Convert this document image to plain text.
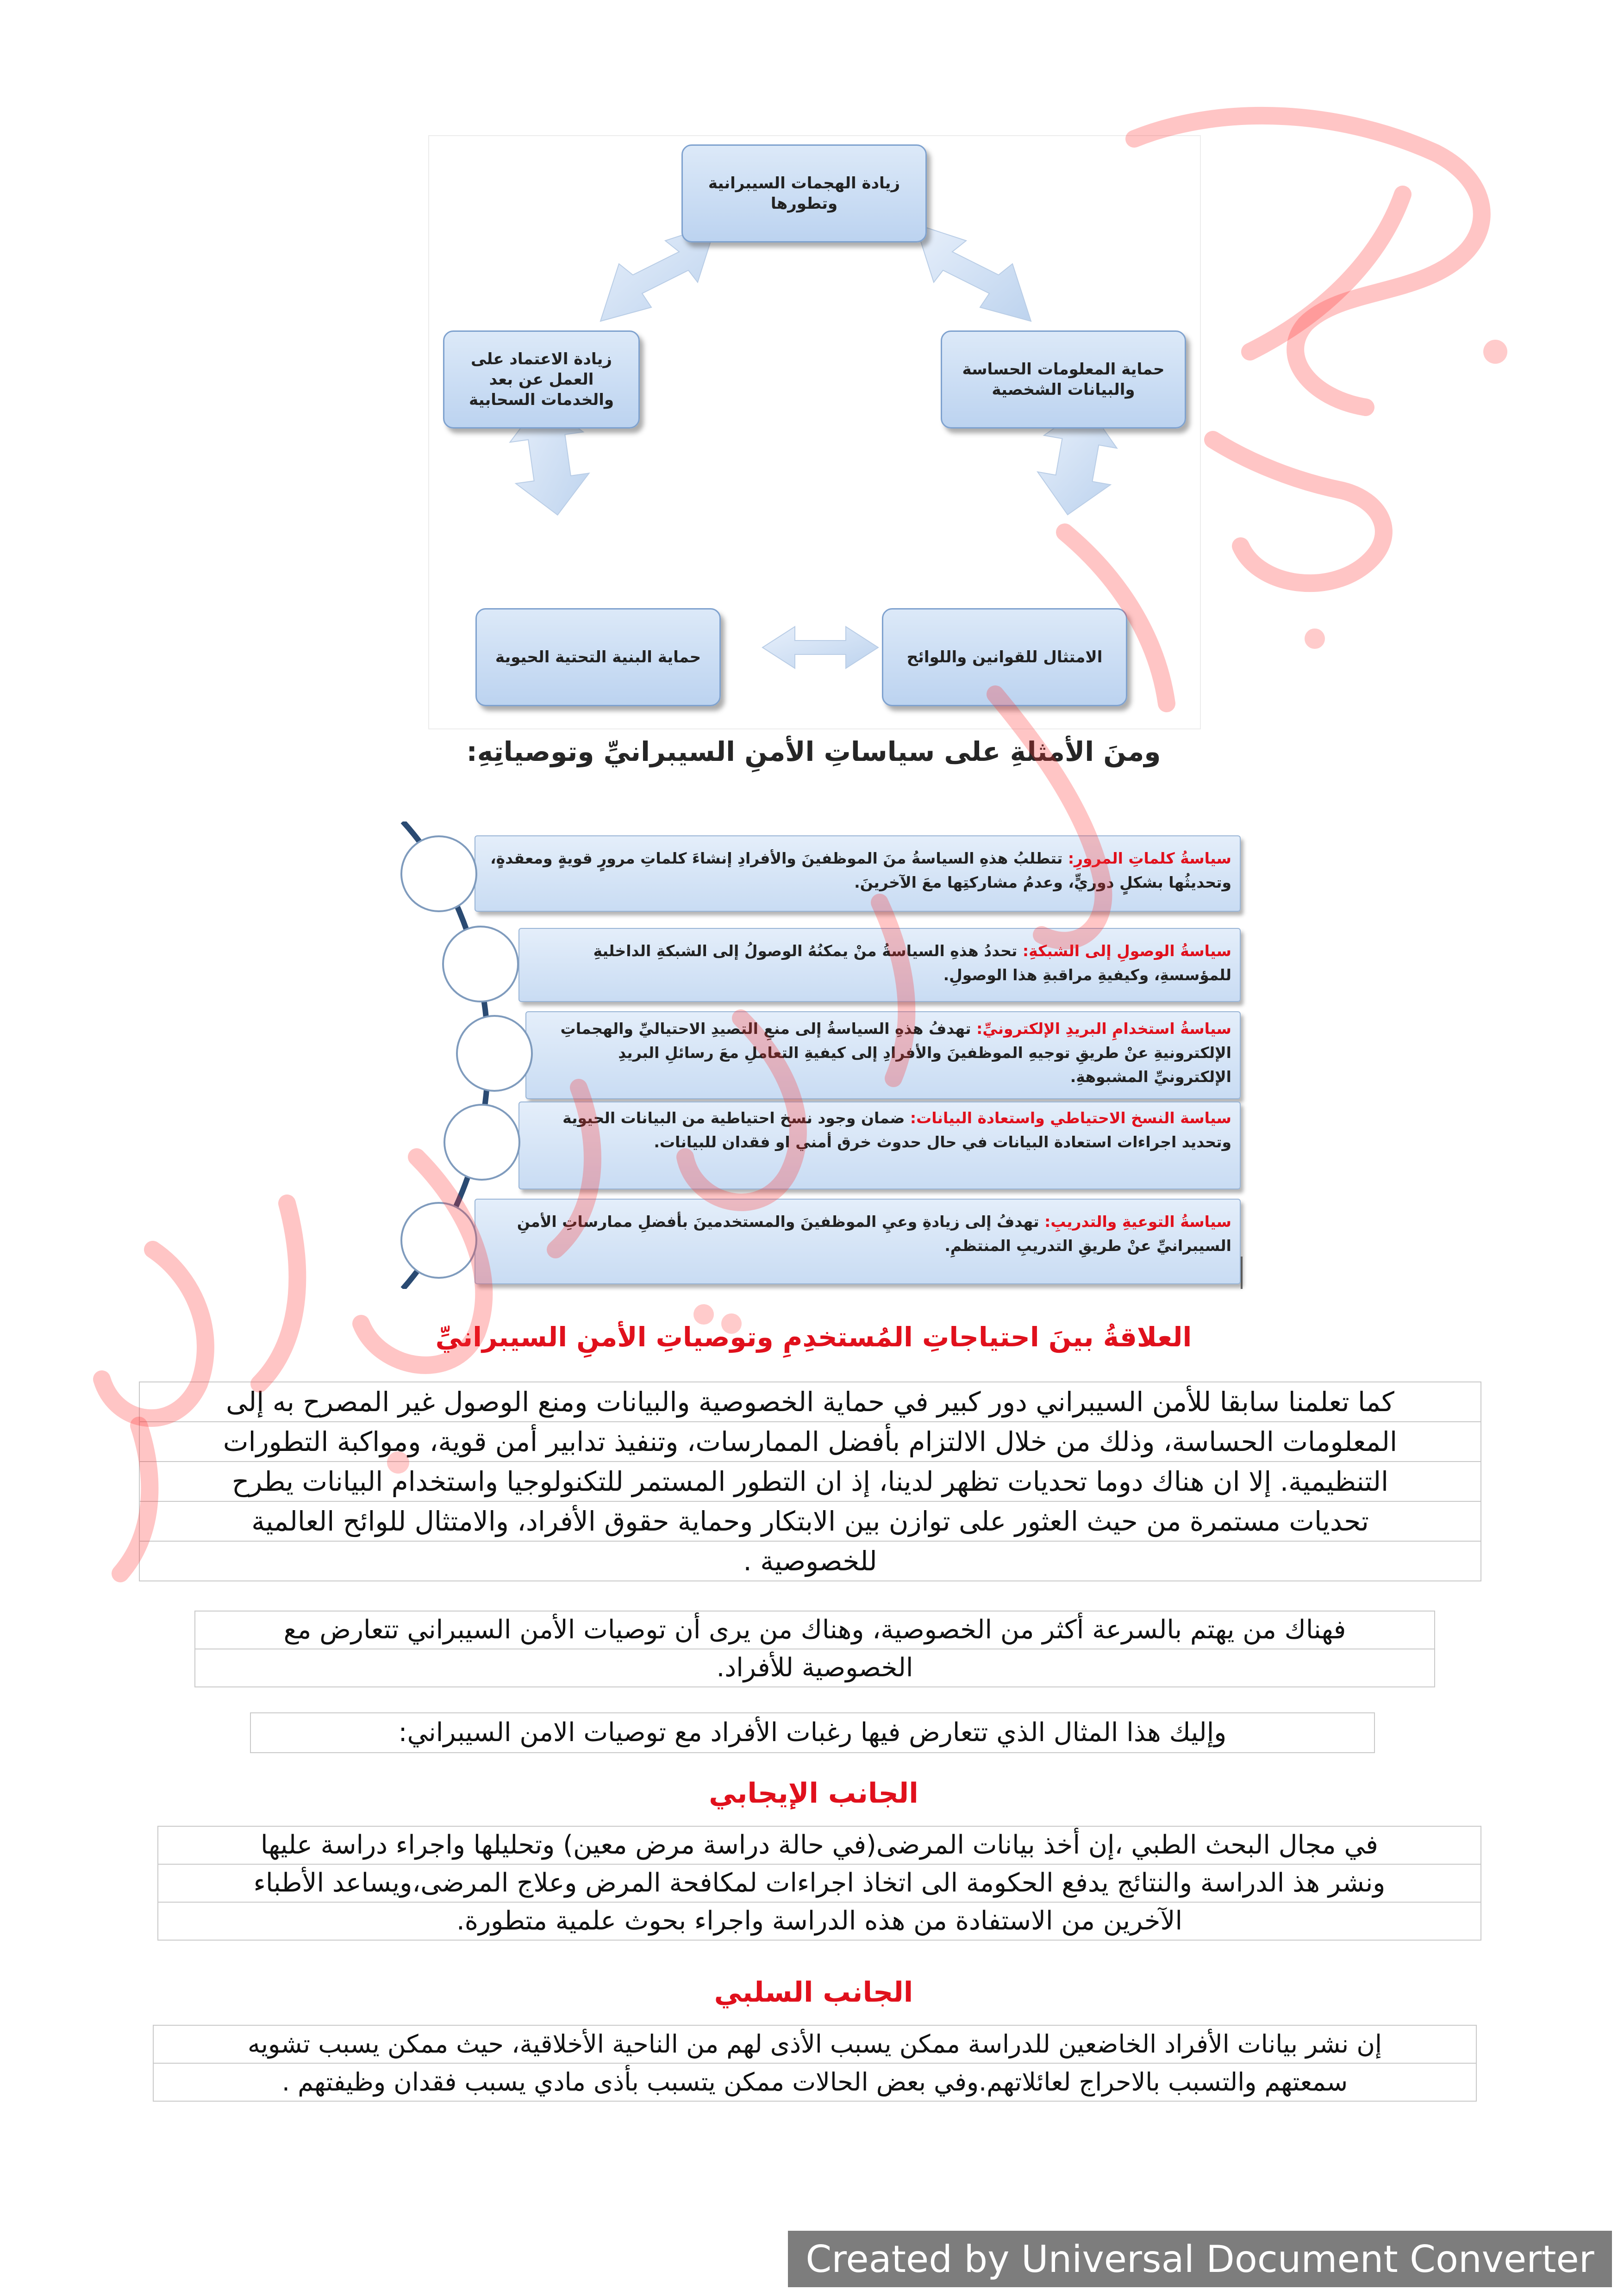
زيادة الهجمات السيبرانية وتطورها
حماية المعلومات الحساسة والبيانات الشخصية
زيادة الاعتماد على العمل عن بعد والخدمات السحابية
الامتثال للقوانين واللوائح
حماية البنية التحتية الحيوية
ومنَ الأمثلةِ على سياساتِ الأمنِ السيبرانيِّ وتوصياتِهِ:
سياسةُ كلماتِ المرورِ: تتطلبُ هذهِ السياسةُ منَ الموظفينَ والأفرادِ إنشاءَ كلماتِ مرورٍ قويةٍ ومعقدةٍ، وتحديثُها بشكلٍ دوريٍّ، وعدمُ مشاركتِها معَ الآخرينَ.
سياسةُ الوصولِ إلى الشبكةِ: تحددُ هذهِ السياسةُ منْ يمكنُهُ الوصولُ إلى الشبكةِ الداخليةِ للمؤسسةِ، وكيفيةِ مراقبةِ هذا الوصولِ.
سياسةُ استخدامِ البريدِ الإلكترونيِّ: تهدفُ هذهِ السياسةُ إلى منعِ التصيدِ الاحتياليِّ والهجماتِ الإلكترونيةِ عنْ طريقِ توجيهِ الموظفينَ والأفرادِ إلى كيفيةِ التعاملِ معَ رسائلِ البريدِ الإلكترونيِّ المشبوهةِ.
سياسة النسخ الاحتياطي واستعادة البيانات: ضمان وجود نسخ احتياطية من البيانات الحيوية وتحديد اجراءات استعادة البيانات في حال حدوث خرق أمني او فقدان للبيانات.
سياسةُ التوعيةِ والتدريبِ: تهدفُ إلى زيادةِ وعيِ الموظفينَ والمستخدمينَ بأفضلِ ممارساتِ الأمنِ السيبرانيِّ عنْ طريقِ التدريبِ المنتظمِ.
العلاقةُ بينَ احتياجاتِ المُستخدِمِ وتوصياتِ الأمنِ السيبرانيِّ
كما تعلمنا سابقا للأمن السيبراني دور كبير في حماية الخصوصية والبيانات ومنع الوصول غير المصرح به إلى
المعلومات الحساسة، وذلك من خلال الالتزام بأفضل الممارسات، وتنفيذ تدابير أمن قوية، ومواكبة التطورات
التنظيمية. إلا ان هناك دوما تحديات تظهر لدينا، إذ ان التطور المستمر للتكنولوجيا واستخدام البيانات يطرح
تحديات مستمرة من حيث العثور على توازن بين الابتكار وحماية حقوق الأفراد، والامتثال للوائح العالمية
للخصوصية .
فهناك من يهتم بالسرعة أكثر من الخصوصية، وهناك من يرى أن توصيات الأمن السيبراني تتعارض مع
الخصوصية للأفراد.
وإليك هذا المثال الذي تتعارض فيها رغبات الأفراد مع توصيات الامن السيبراني:
الجانب الإيجابي
في مجال البحث الطبي ،إن أخذ بيانات المرضى(في حالة دراسة مرض معين) وتحليلها واجراء دراسة عليها
ونشر هذ الدراسة والنتائج يدفع الحكومة الى اتخاذ اجراءات لمكافحة المرض وعلاج المرضى،ويساعد الأطباء
الآخرين من الاستفادة من هذه الدراسة واجراء بحوث علمية متطورة.
الجانب السلبي
إن نشر بيانات الأفراد الخاضعين للدراسة ممكن يسبب الأذى لهم من الناحية الأخلاقية، حيث ممكن يسبب تشويه
سمعتهم والتسبب بالاحراج لعائلاتهم.وفي بعض الحالات ممكن يتسبب بأذى مادي يسبب فقدان وظيفتهم .
Created by Universal Document Converter
